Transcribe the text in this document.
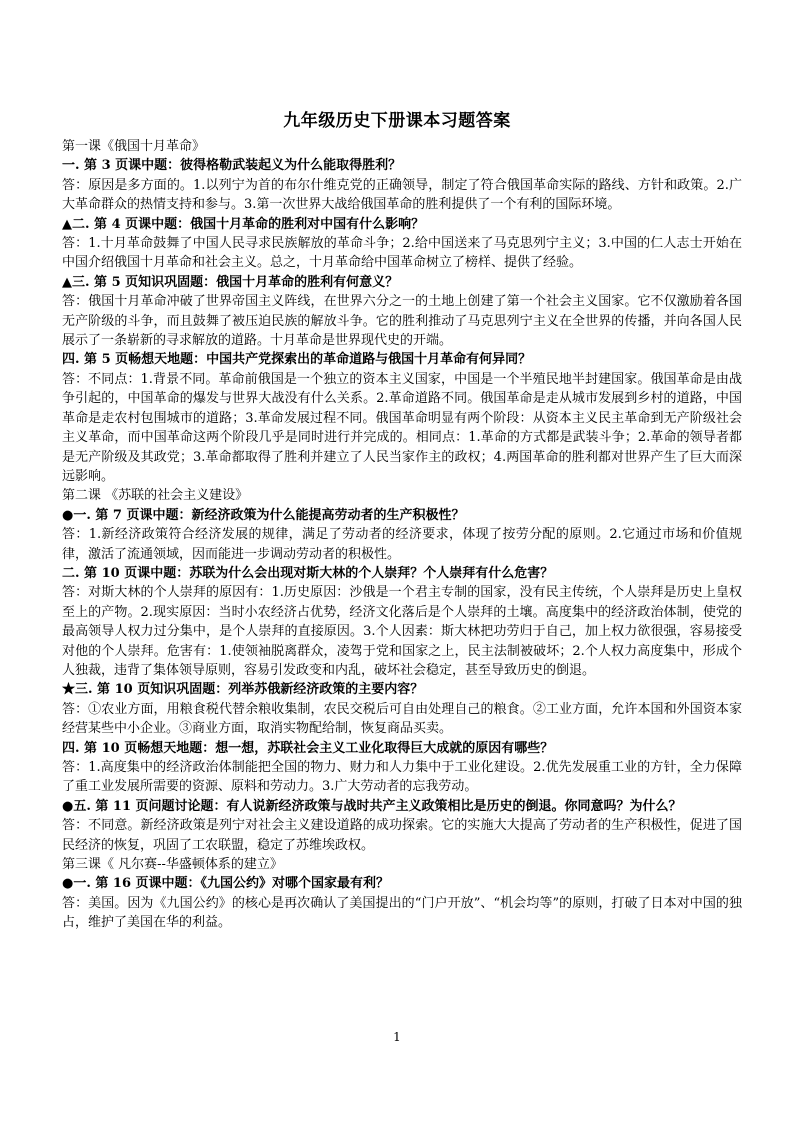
九年级历史下册课本习题答案

第一课《俄国十月革命》

一. 第 3 页课中题：彼得格勒武装起义为什么能取得胜利？

答：原因是多方面的。1.以列宁为首的布尔什维克党的正确领导，制定了符合俄国革命实际的路线、方针和政策。2.广大革命群众的热情支持和参与。3.第一次世界大战给俄国革命的胜利提供了一个有利的国际环境。

▲二. 第 4 页课中题：俄国十月革命的胜利对中国有什么影响？

答：1.十月革命鼓舞了中国人民寻求民族解放的革命斗争；2.给中国送来了马克思列宁主义；3.中国的仁人志士开始在中国介绍俄国十月革命和社会主义。总之，十月革命给中国革命树立了榜样、提供了经验。

▲三. 第 5 页知识巩固题：俄国十月革命的胜利有何意义？

答：俄国十月革命冲破了世界帝国主义阵线，在世界六分之一的土地上创建了第一个社会主义国家。它不仅激励着各国无产阶级的斗争，而且鼓舞了被压迫民族的解放斗争。它的胜利推动了马克思列宁主义在全世界的传播，并向各国人民展示了一条崭新的寻求解放的道路。十月革命是世界现代史的开端。

四. 第 5 页畅想天地题：中国共产党探索出的革命道路与俄国十月革命有何异同？

答：不同点：1.背景不同。革命前俄国是一个独立的资本主义国家，中国是一个半殖民地半封建国家。俄国革命是由战争引起的，中国革命的爆发与世界大战没有什么关系。2.革命道路不同。俄国革命是走从城市发展到乡村的道路，中国革命是走农村包围城市的道路；3.革命发展过程不同。俄国革命明显有两个阶段：从资本主义民主革命到无产阶级社会主义革命，而中国革命这两个阶段几乎是同时进行并完成的。相同点：1.革命的方式都是武装斗争；2.革命的领导者都是无产阶级及其政党；3.革命都取得了胜利并建立了人民当家作主的政权；4.两国革命的胜利都对世界产生了巨大而深远影响。

第二课 《苏联的社会主义建设》

●一. 第 7 页课中题：新经济政策为什么能提高劳动者的生产积极性？

答：1.新经济政策符合经济发展的规律，满足了劳动者的经济要求，体现了按劳分配的原则。2.它通过市场和价值规律，激活了流通领域，因而能进一步调动劳动者的积极性。

二. 第 10 页课中题：苏联为什么会出现对斯大林的个人崇拜？个人崇拜有什么危害？

答：对斯大林的个人崇拜的原因有：1.历史原因：沙俄是一个君主专制的国家，没有民主传统，个人崇拜是历史上皇权至上的产物。2.现实原因：当时小农经济占优势，经济文化落后是个人崇拜的土壤。高度集中的经济政治体制，使党的最高领导人权力过分集中，是个人崇拜的直接原因。3.个人因素：斯大林把功劳归于自己，加上权力欲很强，容易接受对他的个人崇拜。危害有：1.使领袖脱离群众，凌驾于党和国家之上，民主法制被破坏；2.个人权力高度集中，形成个人独裁，违背了集体领导原则，容易引发政变和内乱，破坏社会稳定，甚至导致历史的倒退。

★三. 第 10 页知识巩固题：列举苏俄新经济政策的主要内容？

答：①农业方面，用粮食税代替余粮收集制，农民交税后可自由处理自己的粮食。②工业方面，允许本国和外国资本家经营某些中小企业。③商业方面，取消实物配给制，恢复商品买卖。

四. 第 10 页畅想天地题：想一想，苏联社会主义工业化取得巨大成就的原因有哪些？

答：1.高度集中的经济政治体制能把全国的物力、财力和人力集中于工业化建设。2.优先发展重工业的方针，全力保障了重工业发展所需要的资源、原料和劳动力。3.广大劳动者的忘我劳动。

●五. 第 11 页问题讨论题：有人说新经济政策与战时共产主义政策相比是历史的倒退。你同意吗？为什么？

答：不同意。新经济政策是列宁对社会主义建设道路的成功探索。它的实施大大提高了劳动者的生产积极性，促进了国民经济的恢复，巩固了工农联盟，稳定了苏维埃政权。

第三课《 凡尔赛--华盛顿体系的建立》

●一. 第 16 页课中题：《九国公约》对哪个国家最有利？

答：美国。因为《九国公约》的核心是再次确认了美国提出的“门户开放”、“机会均等”的原则，打破了日本对中国的独占，维护了美国在华的利益。

1
